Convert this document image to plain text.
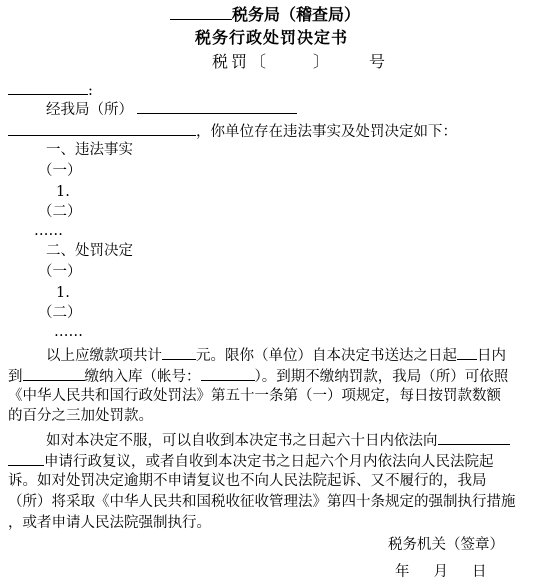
税务局（稽查局）
税务行政处罚决定书
税罚〔	〕	号
:
经我局（所）
，你单位存在违法事实及处罚决定如下：
一、违法事实
（一）
1.
（二）
……
二、处罚决定
（一）
1.
（二）
……
以上应缴款项共计 元。限你（单位）自本决定书送达之日起 日内
到	缴纳入库（帐号：	）。到期不缴纳罚款，我局（所）可依照
《中华人民共和国行政处罚法》第五十一条第（一）项规定，每日按罚款数额
的百分之三加处罚款。
如对本决定不服，可以自收到本决定书之日起六十日内依法向
申请行政复议，或者自收到本决定书之日起六个月内依法向人民法院起
诉。如对处罚决定逾期不申请复议也不向人民法院起诉、又不履行的，我局
（所）将采取《中华人民共和国税收征收管理法》第四十条规定的强制执行措施
，或者申请人民法院强制执行。
税务机关（签章）
年 月 日
